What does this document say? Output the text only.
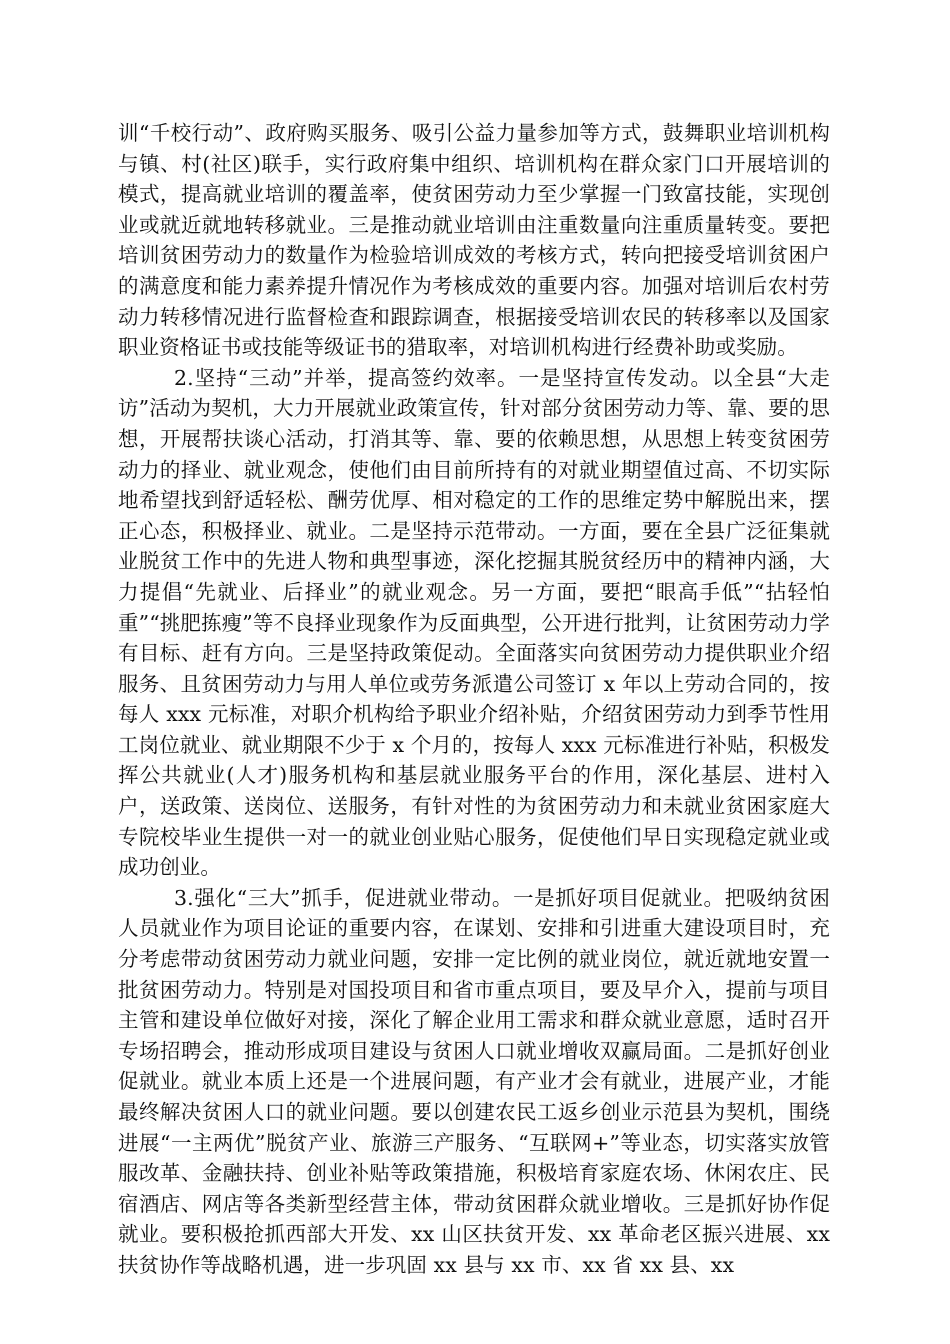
训“千校行动”、政府购买服务、吸引公益力量参加等方式，鼓舞职业培训机构与镇、村(社区)联手，实行政府集中组织、培训机构在群众家门口开展培训的模式，提高就业培训的覆盖率，使贫困劳动力至少掌握一门致富技能，实现创业或就近就地转移就业。三是推动就业培训由注重数量向注重质量转变。要把培训贫困劳动力的数量作为检验培训成效的考核方式，转向把接受培训贫困户的满意度和能力素养提升情况作为考核成效的重要内容。加强对培训后农村劳动力转移情况进行监督检查和跟踪调查，根据接受培训农民的转移率以及国家职业资格证书或技能等级证书的猎取率，对培训机构进行经费补助或奖励。

2.坚持“三动”并举，提高签约效率。一是坚持宣传发动。以全县“大走访”活动为契机，大力开展就业政策宣传，针对部分贫困劳动力等、靠、要的思想，开展帮扶谈心活动，打消其等、靠、要的依赖思想，从思想上转变贫困劳动力的择业、就业观念，使他们由目前所持有的对就业期望值过高、不切实际地希望找到舒适轻松、酬劳优厚、相对稳定的工作的思维定势中解脱出来，摆正心态，积极择业、就业。二是坚持示范带动。一方面，要在全县广泛征集就业脱贫工作中的先进人物和典型事迹，深化挖掘其脱贫经历中的精神内涵，大力提倡“先就业、后择业”的就业观念。另一方面，要把“眼高手低”“拈轻怕重”“挑肥拣瘦”等不良择业现象作为反面典型，公开进行批判，让贫困劳动力学有目标、赶有方向。三是坚持政策促动。全面落实向贫困劳动力提供职业介绍服务、且贫困劳动力与用人单位或劳务派遣公司签订 x 年以上劳动合同的，按每人 xxx 元标准，对职介机构给予职业介绍补贴，介绍贫困劳动力到季节性用工岗位就业、就业期限不少于 x 个月的，按每人 xxx 元标准进行补贴，积极发挥公共就业(人才)服务机构和基层就业服务平台的作用，深化基层、进村入户，送政策、送岗位、送服务，有针对性的为贫困劳动力和未就业贫困家庭大专院校毕业生提供一对一的就业创业贴心服务，促使他们早日实现稳定就业或成功创业。

3.强化“三大”抓手，促进就业带动。一是抓好项目促就业。把吸纳贫困人员就业作为项目论证的重要内容，在谋划、安排和引进重大建设项目时，充分考虑带动贫困劳动力就业问题，安排一定比例的就业岗位，就近就地安置一批贫困劳动力。特别是对国投项目和省市重点项目，要及早介入，提前与项目主管和建设单位做好对接，深化了解企业用工需求和群众就业意愿，适时召开专场招聘会，推动形成项目建设与贫困人口就业增收双赢局面。二是抓好创业促就业。就业本质上还是一个进展问题，有产业才会有就业，进展产业，才能最终解决贫困人口的就业问题。要以创建农民工返乡创业示范县为契机，围绕进展“一主两优”脱贫产业、旅游三产服务、“互联网+”等业态，切实落实放管服改革、金融扶持、创业补贴等政策措施，积极培育家庭农场、休闲农庄、民宿酒店、网店等各类新型经营主体，带动贫困群众就业增收。三是抓好协作促就业。要积极抢抓西部大开发、xx 山区扶贫开发、xx 革命老区振兴进展、xx 扶贫协作等战略机遇，进一步巩固 xx 县与 xx 市、xx 省 xx 县、xx
